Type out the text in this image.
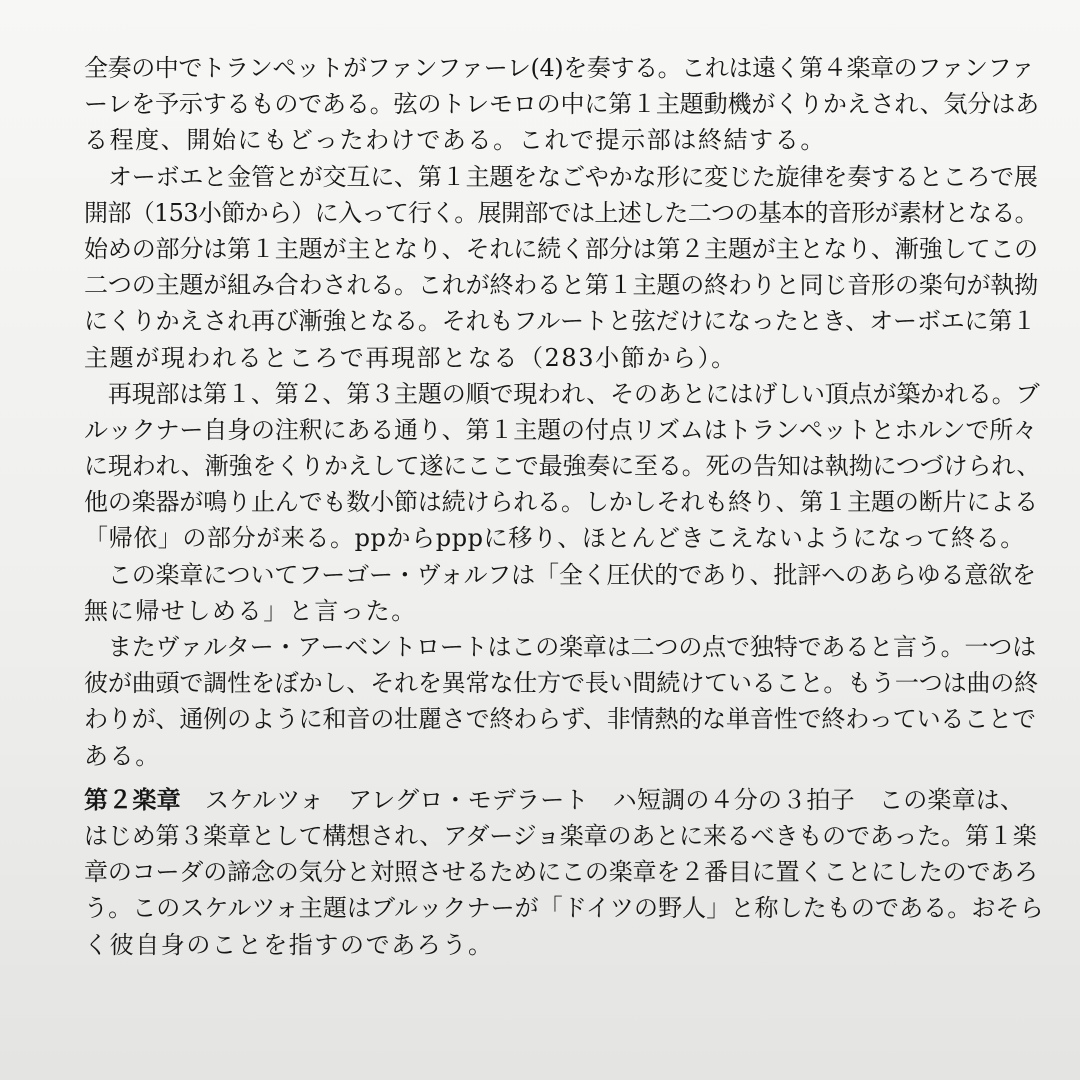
全奏の中でトランペットがファンファーレ(4)を奏する。これは遠く第４楽章のファンファ
ーレを予示するものである。弦のトレモロの中に第１主題動機がくりかえされ、気分はあ
る程度、開始にもどったわけである。これで提示部は終結する。
　オーボエと金管とが交互に、第１主題をなごやかな形に変じた旋律を奏するところで展
開部（153小節から）に入って行く。展開部では上述した二つの基本的音形が素材となる。
始めの部分は第１主題が主となり、それに続く部分は第２主題が主となり、漸強してこの
二つの主題が組み合わされる。これが終わると第１主題の終わりと同じ音形の楽句が執拗
にくりかえされ再び漸強となる。それもフルートと弦だけになったとき、オーボエに第１
主題が現われるところで再現部となる（283小節から）。
　再現部は第１、第２、第３主題の順で現われ、そのあとにはげしい頂点が築かれる。ブ
ルックナー自身の注釈にある通り、第１主題の付点リズムはトランペットとホルンで所々
に現われ、漸強をくりかえして遂にここで最強奏に至る。死の告知は執拗につづけられ、
他の楽器が鳴り止んでも数小節は続けられる。しかしそれも終り、第１主題の断片による
「帰依」の部分が来る。ppからpppに移り、ほとんどきこえないようになって終る。
　この楽章についてフーゴー・ヴォルフは「全く圧伏的であり、批評へのあらゆる意欲を
無に帰せしめる」と言った。
　またヴァルター・アーベントロートはこの楽章は二つの点で独特であると言う。一つは
彼が曲頭で調性をぼかし、それを異常な仕方で長い間続けていること。もう一つは曲の終
わりが、通例のように和音の壮麗さで終わらず、非情熱的な単音性で終わっていることで
ある。
第２楽章　スケルツォ　アレグロ・モデラート　ハ短調の４分の３拍子　この楽章は、
はじめ第３楽章として構想され、アダージョ楽章のあとに来るべきものであった。第１楽
章のコーダの諦念の気分と対照させるためにこの楽章を２番目に置くことにしたのであろ
う。このスケルツォ主題はブルックナーが「ドイツの野人」と称したものである。おそら
く彼自身のことを指すのであろう。
